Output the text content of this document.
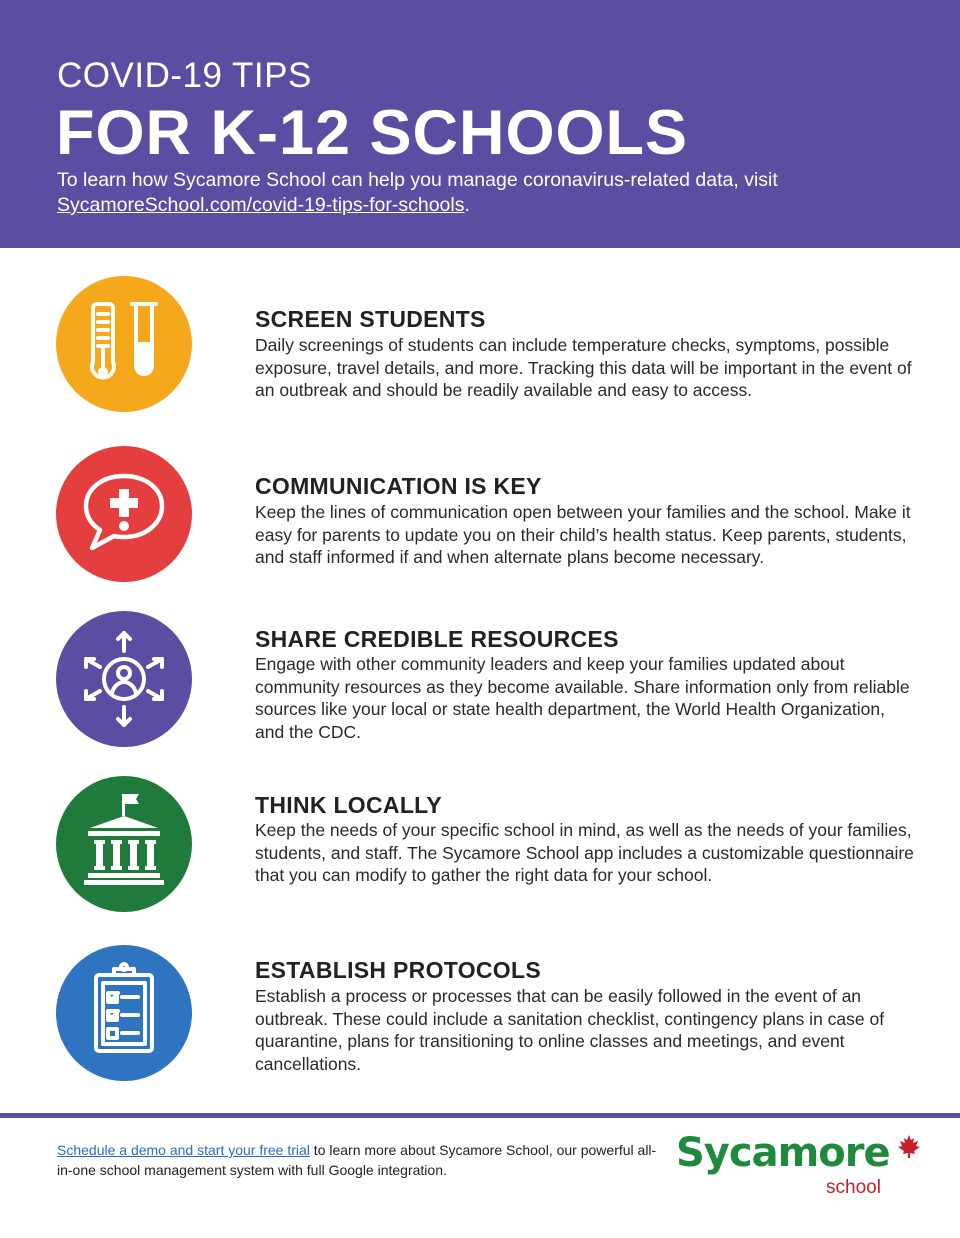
COVID-19 TIPS
FOR K-12 SCHOOLS
To learn how Sycamore School can help you manage coronavirus-related data, visit SycamoreSchool.com/covid-19-tips-for-schools.
SCREEN STUDENTS
Daily screenings of students can include temperature checks, symptoms, possible exposure, travel details, and more. Tracking this data will be important in the event of an outbreak and should be readily available and easy to access.
COMMUNICATION IS KEY
Keep the lines of communication open between your families and the school. Make it easy for parents to update you on their child’s health status. Keep parents, students, and staff informed if and when alternate plans become necessary.
SHARE CREDIBLE RESOURCES
Engage with other community leaders and keep your families updated about community resources as they become available. Share information only from reliable sources like your local or state health department, the World Health Organization, and the CDC.
THINK LOCALLY
Keep the needs of your specific school in mind, as well as the needs of your families, students, and staff. The Sycamore School app includes a customizable questionnaire that you can modify to gather the right data for your school.
ESTABLISH PROTOCOLS
Establish a process or processes that can be easily followed in the event of an outbreak. These could include a sanitation checklist, contingency plans in case of quarantine, plans for transitioning to online classes and meetings, and event cancellations.
Schedule a demo and start your free trial to learn more about Sycamore School, our powerful all-in-one school management system with full Google integration.	Sycamore
school
